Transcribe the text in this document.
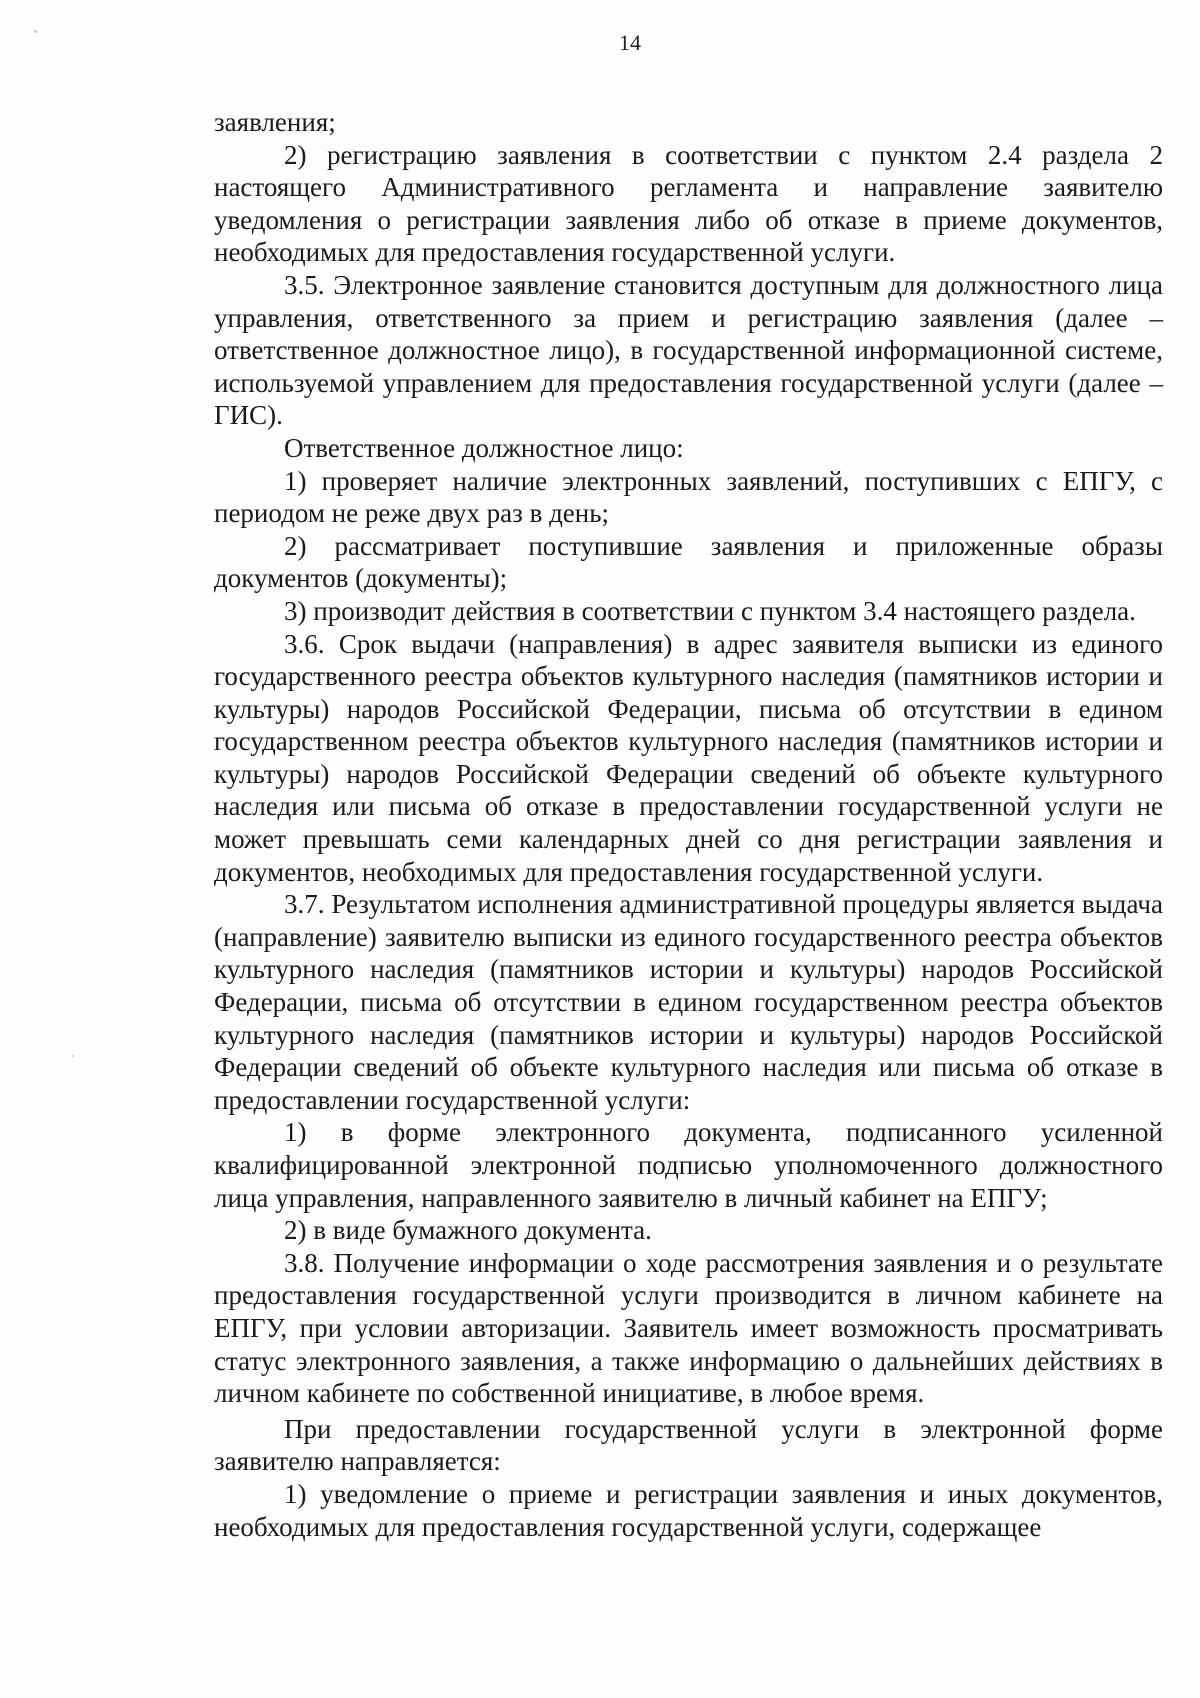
14

заявления;

2) регистрацию заявления в соответствии с пунктом 2.4 раздела 2 настоящего Административного регламента и направление заявителю уведомления о регистрации заявления либо об отказе в приеме документов, необходимых для предоставления государственной услуги.

3.5. Электронное заявление становится доступным для должностного лица управления, ответственного за прием и регистрацию заявления (далее – ответственное должностное лицо), в государственной информационной системе, используемой управлением для предоставления государственной услуги (далее – ГИС).

Ответственное должностное лицо:

1) проверяет наличие электронных заявлений, поступивших с ЕПГУ, с периодом не реже двух раз в день;

2) рассматривает поступившие заявления и приложенные образы документов (документы);

3) производит действия в соответствии с пунктом 3.4 настоящего раздела.

3.6. Срок выдачи (направления) в адрес заявителя выписки из единого государственного реестра объектов культурного наследия (памятников истории и культуры) народов Российской Федерации, письма об отсутствии в едином государственном реестра объектов культурного наследия (памятников истории и культуры) народов Российской Федерации сведений об объекте культурного наследия или письма об отказе в предоставлении государственной услуги не может превышать семи календарных дней со дня регистрации заявления и документов, необходимых для предоставления государственной услуги.

3.7. Результатом исполнения административной процедуры является выдача (направление) заявителю выписки из единого государственного реестра объектов культурного наследия (памятников истории и культуры) народов Российской Федерации, письма об отсутствии в едином государственном реестра объектов культурного наследия (памятников истории и культуры) народов Российской Федерации сведений об объекте культурного наследия или письма об отказе в предоставлении государственной услуги:

1) в форме электронного документа, подписанного усиленной квалифицированной электронной подписью уполномоченного должностного лица управления, направленного заявителю в личный кабинет на ЕПГУ;

2) в виде бумажного документа.

3.8. Получение информации о ходе рассмотрения заявления и о результате предоставления государственной услуги производится в личном кабинете на ЕПГУ, при условии авторизации. Заявитель имеет возможность просматривать статус электронного заявления, а также информацию о дальнейших действиях в личном кабинете по собственной инициативе, в любое время.

При предоставлении государственной услуги в электронной форме заявителю направляется:

1) уведомление о приеме и регистрации заявления и иных документов, необходимых для предоставления государственной услуги, содержащее
